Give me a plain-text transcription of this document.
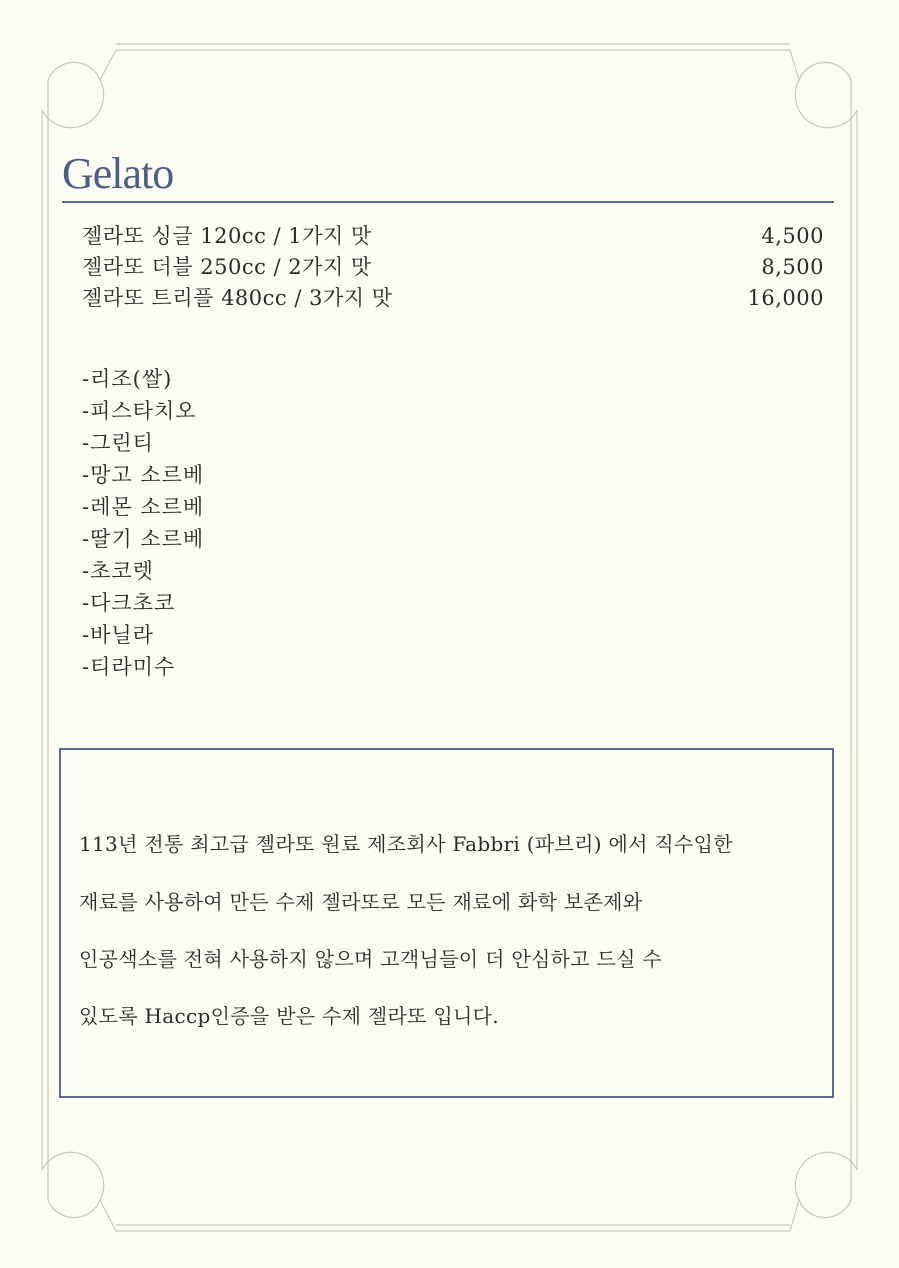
Gelato
젤라또 싱글 120cc / 1가지 맛	4,500
젤라또 더블 250cc / 2가지 맛	8,500
젤라또 트리플 480cc / 3가지 맛	16,000
-리조(쌀)
-피스타치오
-그린티
-망고 소르베
-레몬 소르베
-딸기 소르베
-초코렛
-다크초코
-바닐라
-티라미수
113년 전통 최고급 젤라또 원료 제조회사 Fabbri (파브리) 에서 직수입한
재료를 사용하여 만든 수제 젤라또로 모든 재료에 화학 보존제와
인공색소를 전혀 사용하지 않으며 고객님들이 더 안심하고 드실 수
있도록 Haccp인증을 받은 수제 젤라또 입니다.
